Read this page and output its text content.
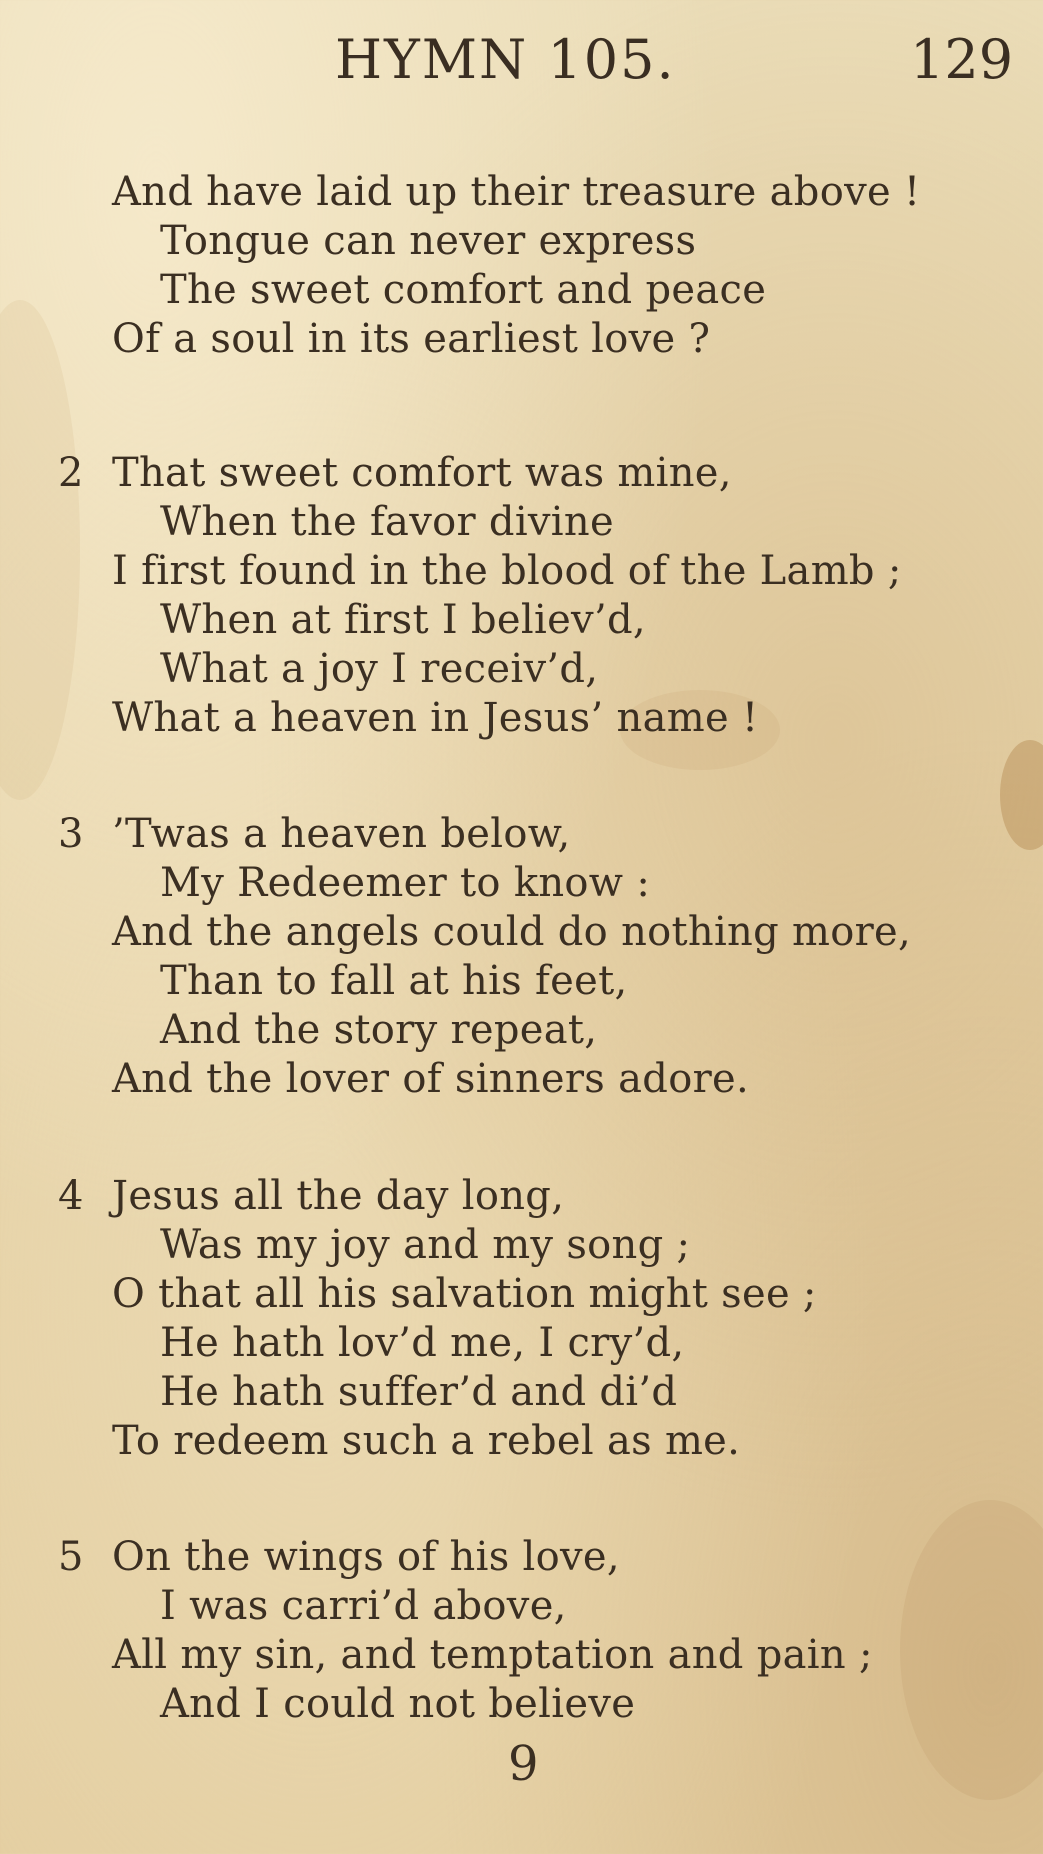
HYMN 105.	129
And have laid up their treasure above !
Tongue can never express
The sweet comfort and peace
Of a soul in its earliest love ?
2 That sweet comfort was mine,
When the favor divine
I first found in the blood of the Lamb ;
When at first I believ’d,
What a joy I receiv’d,
What a heaven in Jesus’ name !
3 ’Twas a heaven below,
My Redeemer to know :
And the angels could do nothing more,
Than to fall at his feet,
And the story repeat,
And the lover of sinners adore.
4 Jesus all the day long,
Was my joy and my song ;
O that all his salvation might see ;
He hath lov’d me, I cry’d,
He hath suffer’d and di’d
To redeem such a rebel as me.
5 On the wings of his love,
I was carri’d above,
All my sin, and temptation and pain ;
And I could not believe
9
